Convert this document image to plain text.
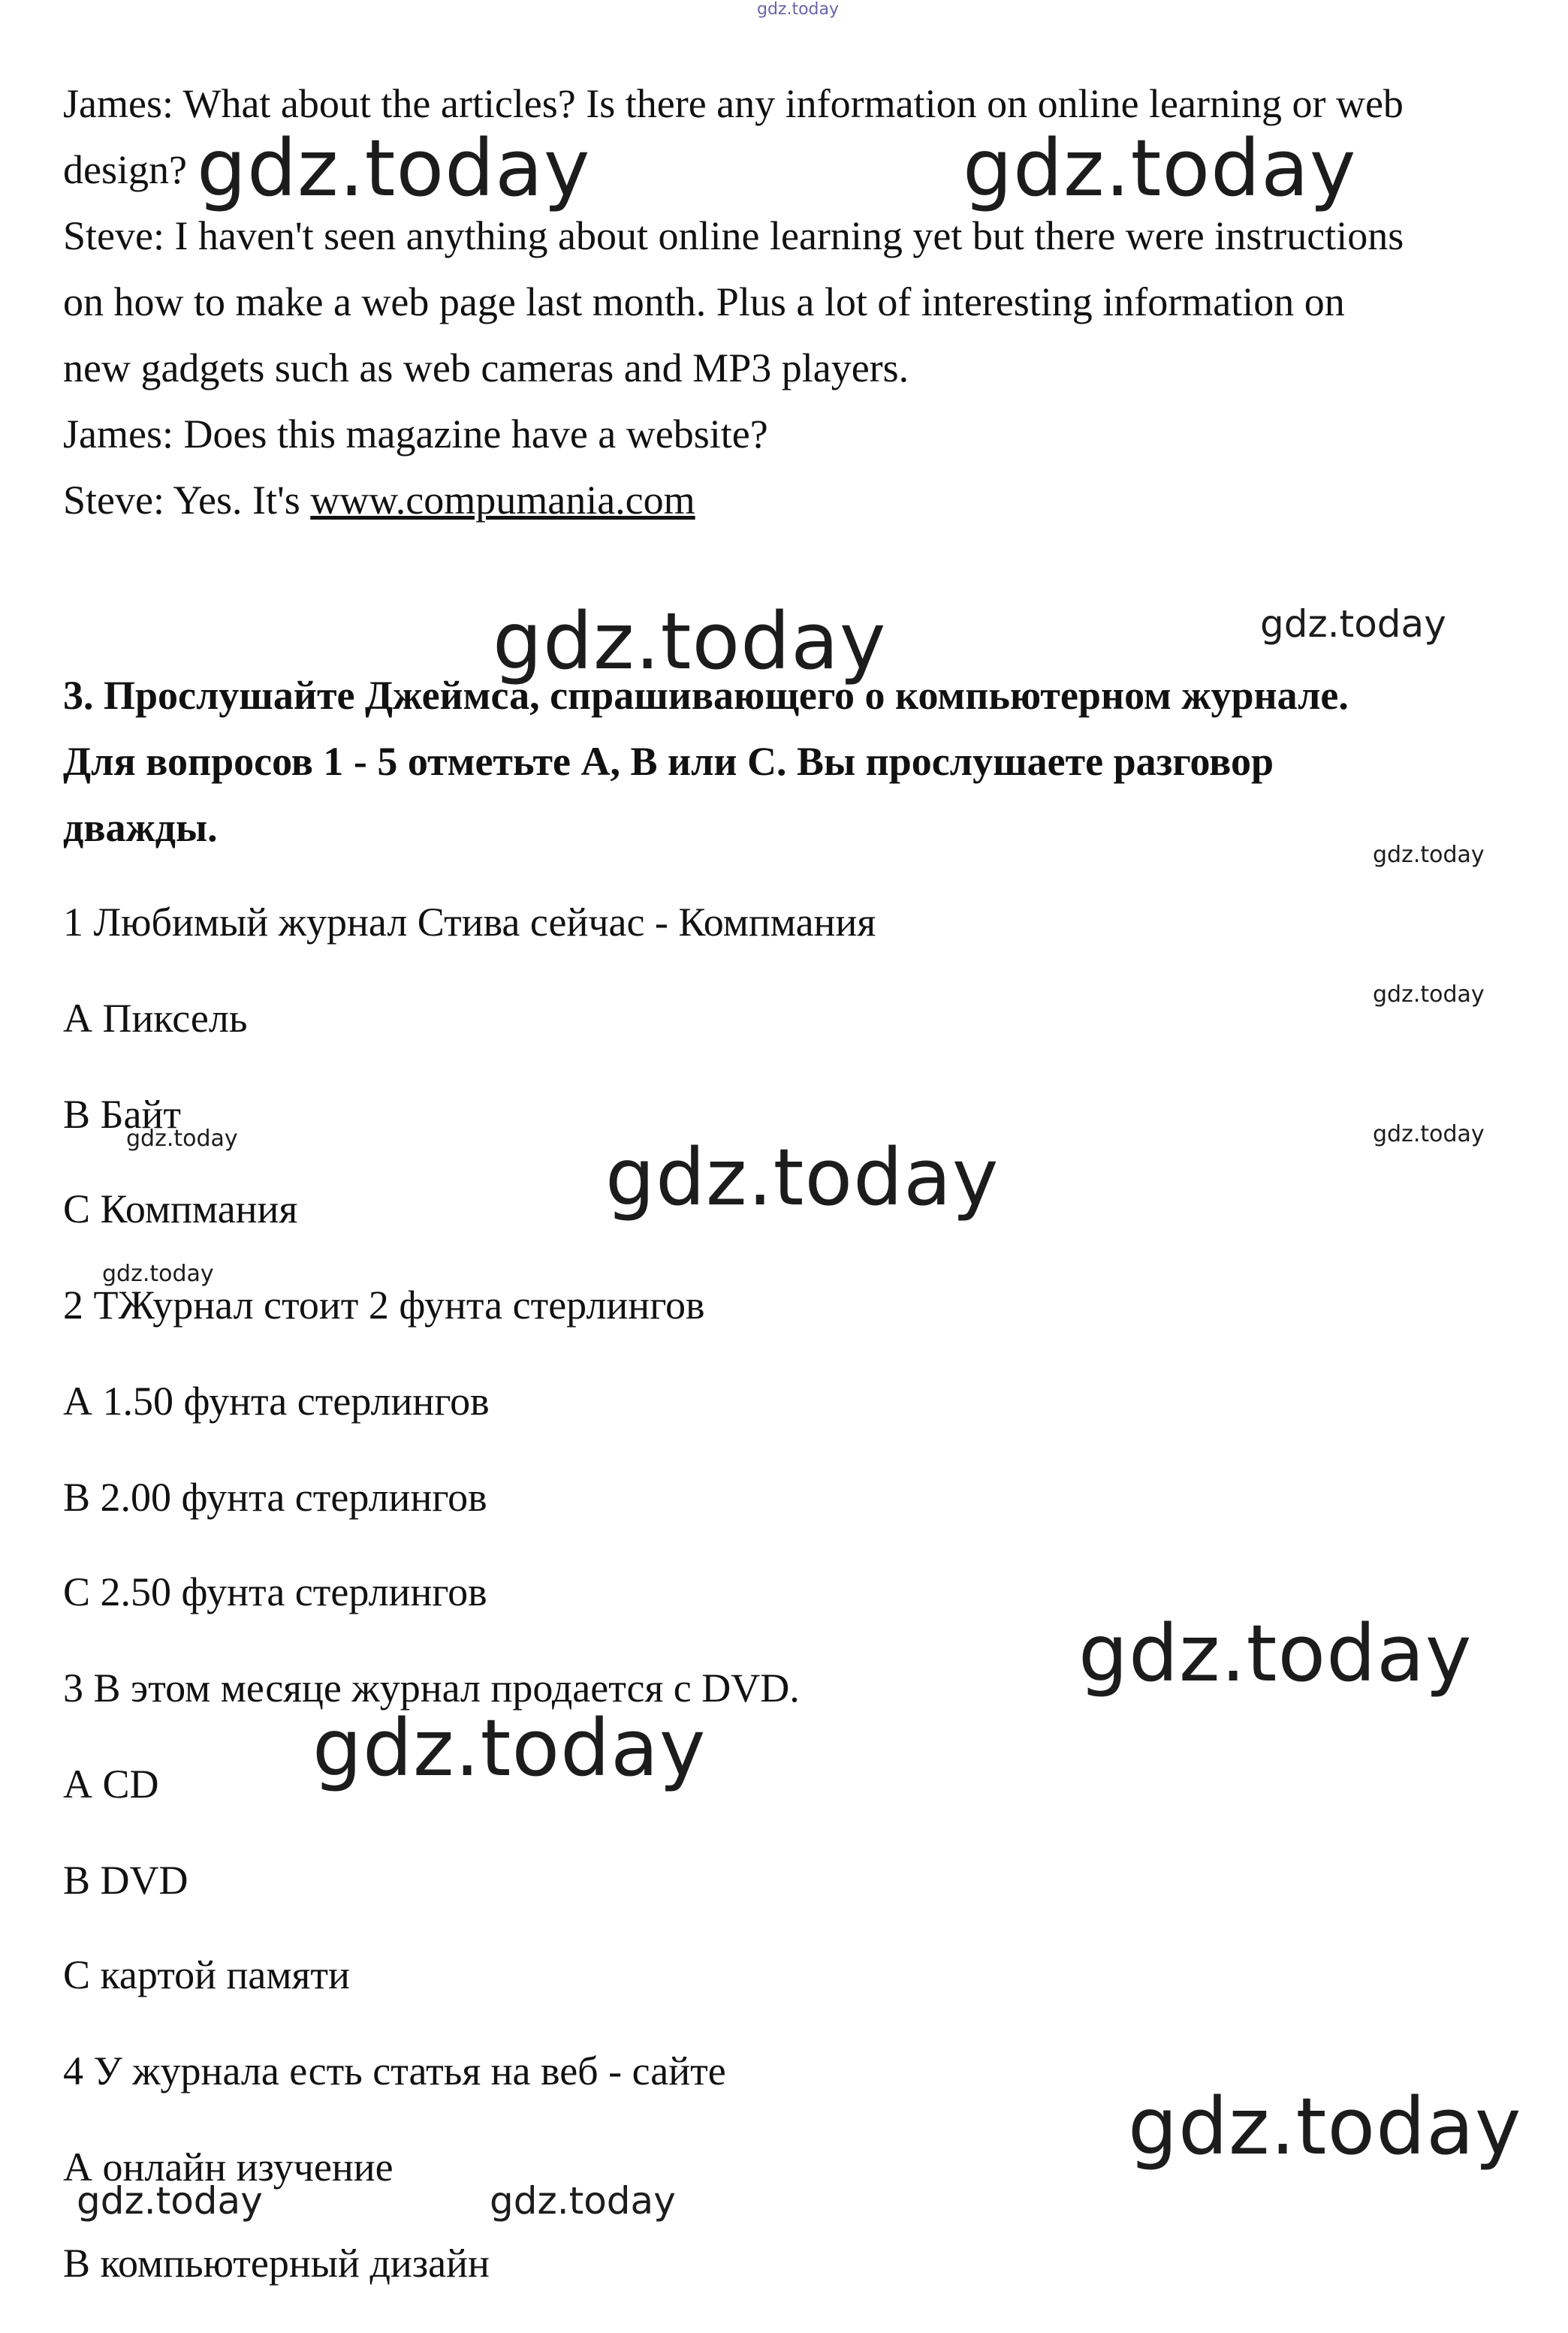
gdz.today
James: What about the articles? Is there any information on online learning or web
design?
Steve: I haven't seen anything about online learning yet but there were instructions
on how to make a web page last month. Plus a lot of interesting information on
new gadgets such as web cameras and MP3 players.
James: Does this magazine have a website?
Steve: Yes. It's www.compumania.com
3. Прослушайте Джеймса, спрашивающего о компьютерном журнале.
Для вопросов 1 - 5 отметьте А, В или С. Вы прослушаете разговор
дважды.
1 Любимый журнал Стива сейчас - Компмания
А Пиксель
В Байт
С Компмания
2 ТЖурнал стоит 2 фунта стерлингов
А 1.50 фунта стерлингов
В 2.00 фунта стерлингов
С 2.50 фунта стерлингов
3 В этом месяце журнал продается с DVD.
А CD
В DVD
С картой памяти
4 У журнала есть статья на веб - сайте
А онлайн изучение
В компьютерный дизайн
gdz.today	gdz.today
gdz.today	gdz.today
gdz.today
gdz.today
gdz.today
gdz.today	gdz.today
gdz.today
gdz.today
gdz.today
gdz.today
gdz.today	gdz.today
